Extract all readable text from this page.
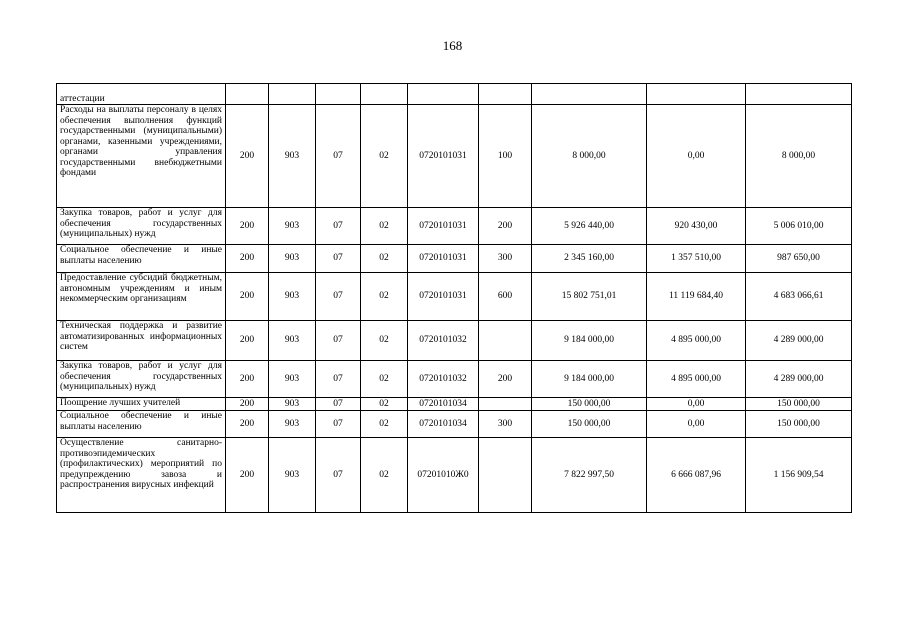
168
аттестации									
Расходы на выплаты персоналу в целях обеспечения выполнения функций государственными (муниципальными) органами, казенными учреждениями, органами управления государственными внебюджетными фондами	200	903	07	02	0720101031	100	8 000,00	0,00	8 000,00
Закупка товаров, работ и услуг для обеспечения государственных (муниципальных) нужд	200	903	07	02	0720101031	200	5 926 440,00	920 430,00	5 006 010,00
Социальное обеспечение и иные выплаты населению	200	903	07	02	0720101031	300	2 345 160,00	1 357 510,00	987 650,00
Предоставление субсидий бюджетным, автономным учреждениям и иным некоммерческим организациям	200	903	07	02	0720101031	600	15 802 751,01	11 119 684,40	4 683 066,61
Техническая поддержка и развитие автоматизированных информационных систем	200	903	07	02	0720101032		9 184 000,00	4 895 000,00	4 289 000,00
Закупка товаров, работ и услуг для обеспечения государственных (муниципальных) нужд	200	903	07	02	0720101032	200	9 184 000,00	4 895 000,00	4 289 000,00
Поощрение лучших учителей	200	903	07	02	0720101034		150 000,00	0,00	150 000,00
Социальное обеспечение и иные выплаты населению	200	903	07	02	0720101034	300	150 000,00	0,00	150 000,00
Осуществление санитарно-противоэпидемических (профилактических) мероприятий по предупреждению завоза и распространения вирусных инфекций	200	903	07	02	07201010Ж0		7 822 997,50	6 666 087,96	1 156 909,54
